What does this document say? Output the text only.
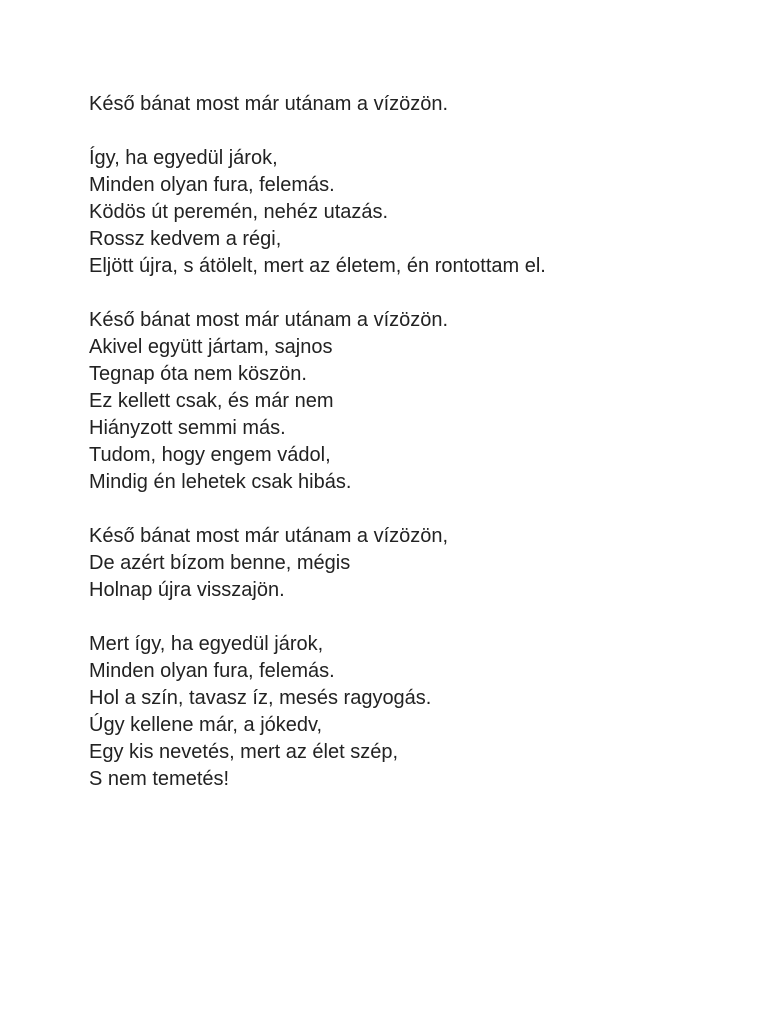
Késő bánat most már utánam a vízözön.
Így, ha egyedül járok,
Minden olyan fura, felemás.
Ködös út peremén, nehéz utazás.
Rossz kedvem a régi,
Eljött újra, s átölelt, mert az életem, én rontottam el.
Késő bánat most már utánam a vízözön.
Akivel együtt jártam, sajnos
Tegnap óta nem köszön.
Ez kellett csak, és már nem
Hiányzott semmi más.
Tudom, hogy engem vádol,
Mindig én lehetek csak hibás.
Késő bánat most már utánam a vízözön,
De azért bízom benne, mégis
Holnap újra visszajön.
Mert így, ha egyedül járok,
Minden olyan fura, felemás.
Hol a szín, tavasz íz, mesés ragyogás.
Úgy kellene már, a jókedv,
Egy kis nevetés, mert az élet szép,
S nem temetés!
